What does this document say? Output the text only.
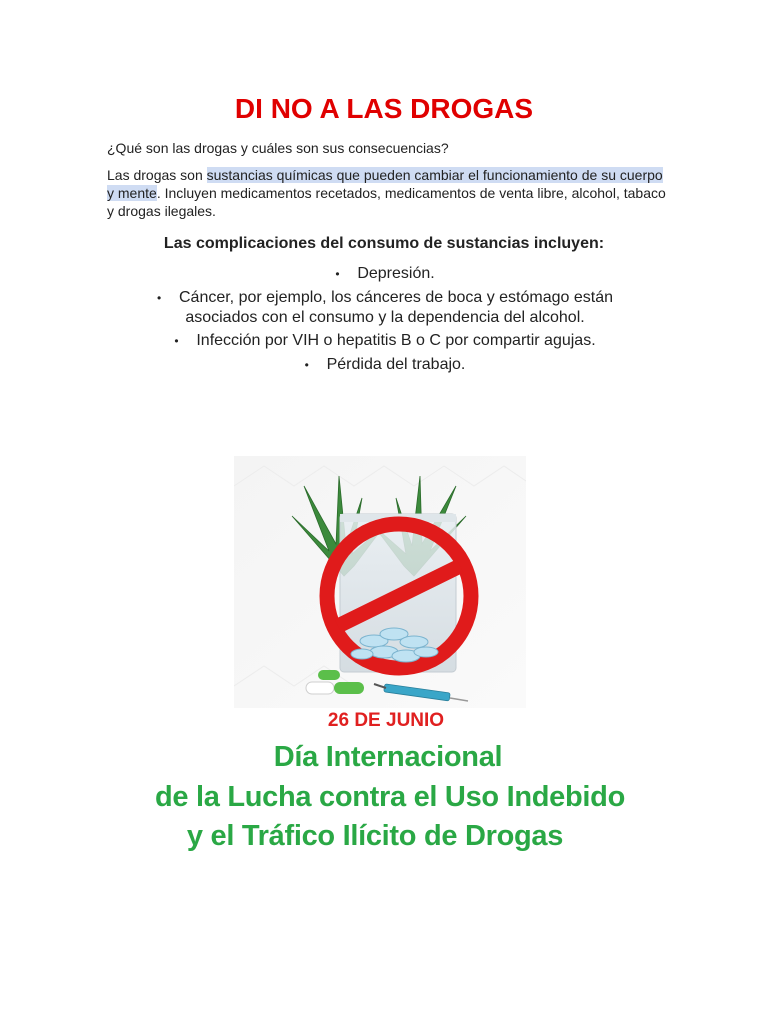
DI NO A LAS DROGAS

¿Qué son las drogas y cuáles son sus consecuencias?

Las drogas son sustancias químicas que pueden cambiar el funcionamiento de su cuerpo y mente. Incluyen medicamentos recetados, medicamentos de venta libre, alcohol, tabaco y drogas ilegales.

Las complicaciones del consumo de sustancias incluyen:
• Depresión.
• Cáncer, por ejemplo, los cánceres de boca y estómago están asociados con el consumo y la dependencia del alcohol.
• Infección por VIH o hepatitis B o C por compartir agujas.
• Pérdida del trabajo.

26 DE JUNIO

Día Internacional

de la Lucha contra el Uso Indebido

y el Tráfico Ilícito de Drogas
